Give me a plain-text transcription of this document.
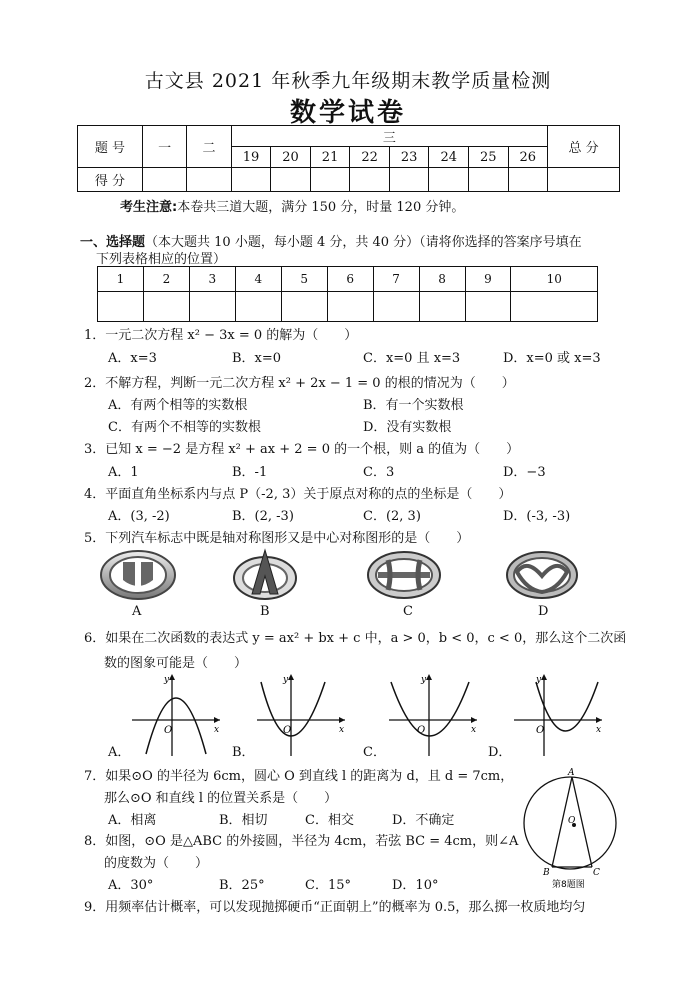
古文县 2021 年秋季九年级期末教学质量检测
数学试卷
题 号	一	二	三								总 分
			19	20	21	22	23	24	25	26	
得 分											
考生注意:本卷共三道大题，满分 150 分，时量 120 分钟。
一、选择题（本大题共 10 小题，每小题 4 分，共 40 分）（请将你选择的答案序号填在
下列表格相应的位置）
1	2	3	4	5	6	7	8	9	10

1．一元二次方程 x² − 3x = 0 的解为（　　）
A．x=3	B．x=0	C．x=0 且 x=3	D．x=0 或 x=3
2．不解方程，判断一元二次方程 x² + 2x − 1 = 0 的根的情况为（　　）
A．有两个相等的实数根	B．有一个实数根
C．有两个不相等的实数根	D．没有实数根
3．已知 x = −2 是方程 x² + ax + 2 = 0 的一个根，则 a 的值为（　　）
A．1	B．-1	C．3	D．−3
4．平面直角坐标系内与点 P（-2, 3）关于原点对称的点的坐标是（　　）
A．(3, -2)	B．(2, -3)	C．(2, 3)	D．(-3, -3)
5．下列汽车标志中既是轴对称图形又是中心对称图形的是（　　）
A	B	C	D
6．如果在二次函数的表达式 y = ax² + bx + c 中，a > 0，b < 0，c < 0，那么这个二次函
数的图象可能是（　　）
O
y
x	O
y
x	O
y
x	O
y
x
A．	B．	C．	D．
7．如果⊙O 的半径为 6cm，圆心 O 到直线 l 的距离为 d，且 d = 7cm，
那么⊙O 和直线 l 的位置关系是（　　）
A．相离	B．相切	C．相交	D．不确定
8．如图，⊙O 是△ABC 的外接圆，半径为 4cm，若弦 BC = 4cm，则∠A
的度数为（　　）
A．30°	B．25°	C．15°	D．10°
A
O
B	C
第8题图
9．用频率估计概率，可以发现抛掷硬币“正面朝上”的概率为 0.5，那么掷一枚质地均匀
